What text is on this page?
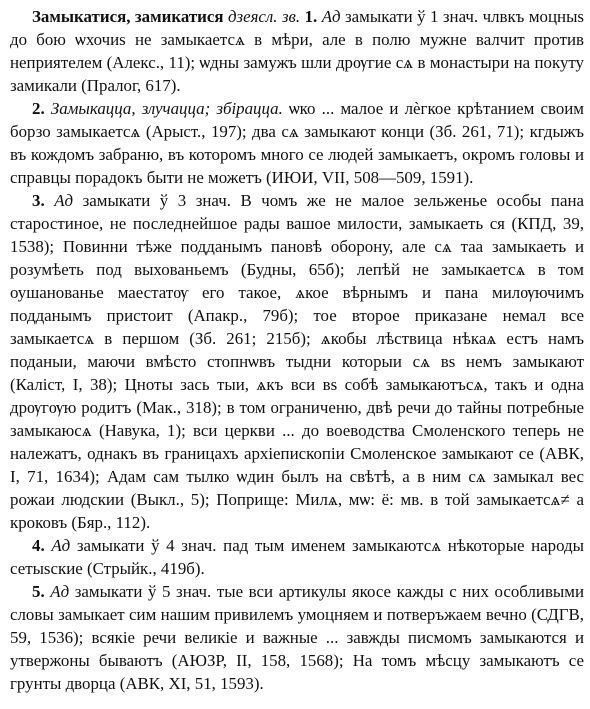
Замыкатися, замикатися дзеясл. зв. 1. Ад замыкати ў 1 знач. члвкъ моцныs до бою ѡхочиs не замыкаетсѧ в мѣри, але в полю мужне валчит против неприятелем (Алекс., 11); ѡдны замужъ шли дрѹгие сѧ в монастыри на покуту замикали (Пралог, 617).

2. Замыкацца, злучацца; збірацца. ѡко ... малое и лѐгкое крѣтанием своим борзо замыкаетсѧ (Арыст., 197); два сѧ замыкают конци (Зб. 261, 71); кгдыжъ въ кождомъ забраню, въ которомъ много се людей замыкаетъ, окромъ головы и справцы порадокъ быти не можетъ (ИЮИ, VII, 508—509, 1591).

3. Ад замыкати ў 3 знач. В чомъ же не малое зельженье особы пана старостиное, не последнейшое рады вашое милости, замыкаеть ся (КПД, 39, 1538); Повинни тѣже подданымъ пановѣ оборону, але сѧ таа замыкаеть и розумѣеть под выхованьемъ (Будны, 65б); лепѣй не замыкаетсѧ в том оушанованье маестатѹ его такое, ѧкое вѣрнымъ и пана милѹючимъ подданымъ пристоит (Апакр., 79б); тое второе приказане немал все замыкаетсѧ в першом (Зб. 261; 215б); ѧкобы лѣствица нѣкаѧ естъ намъ поданыи, маючи вмѣсто стопнѡвъ тыдни которыи сѧ вs немъ замыкают (Каліст, I, 38); Цноты зась тыи, ѧкъ вси вs собѣ замыкаютъсѧ, такъ и одна дрѹгѹю родитъ (Мак., 318); в том ограниченю, двѣ речи до тайны потребные замыкаюсѧ (Навука, 1); вси церкви ... до воеводства Смоленского теперь не належатъ, однакъ въ границахъ архіепископіи Смоленское замыкают се (АВК, I, 71, 1634); Адам сам тылко ѡдин былъ на свѣтѣ, а в ним сѧ замыкал вес рожаи людскии (Выкл., 5); Поприще: Милѧ, мѡ: ё: мв. в той замыкаетсѧ≠ а кроковъ (Бяр., 112).

4. Ад замыкати ў 4 знач. пад тым именем замыкаютсѧ нѣкоторые народы сетыsские (Стрыйк., 419б).

5. Ад замыкати ў 5 знач. тые вси артикулы якосе кажды с них особливыми словы замыкает сим нашим привилемъ умоцняем и потверъжаем вечно (СДГВ, 59, 1536); всякіе речи великіе и важные ... завжды писмомъ замыкаются и утвержоны бываютъ (АЮЗР, II, 158, 1568); На томъ мѣсцу замыкаютъ се грунты дворца (АВК, XI, 51, 1593).
